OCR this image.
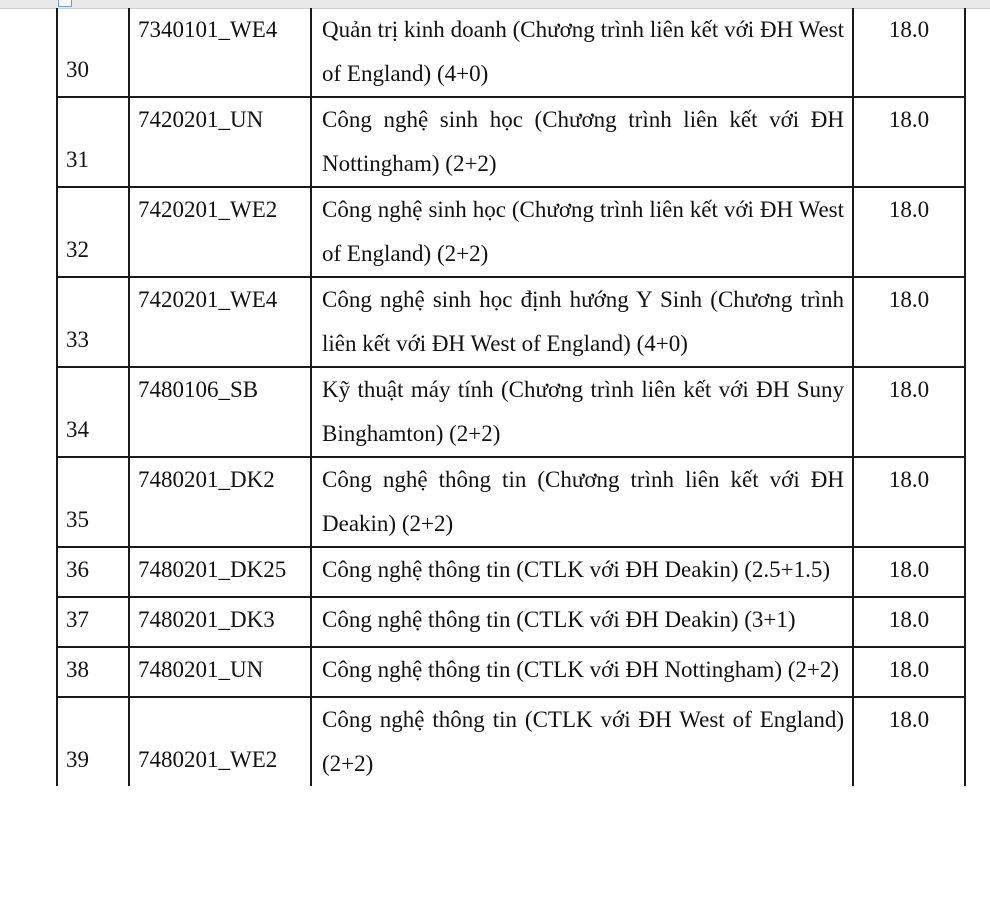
30	7340101_WE4	Quản trị kinh doanh (Chương trình liên kết với ĐH West of England) (4+0)	18.0
31	7420201_UN	Công nghệ sinh học (Chương trình liên kết với ĐH Nottingham) (2+2)	18.0
32	7420201_WE2	Công nghệ sinh học (Chương trình liên kết với ĐH West of England) (2+2)	18.0
33	7420201_WE4	Công nghệ sinh học định hướng Y Sinh (Chương trình liên kết với ĐH West of England) (4+0)	18.0
34	7480106_SB	Kỹ thuật máy tính (Chương trình liên kết với ĐH Suny Binghamton) (2+2)	18.0
35	7480201_DK2	Công nghệ thông tin (Chương trình liên kết với ĐH Deakin) (2+2)	18.0
36	7480201_DK25	Công nghệ thông tin (CTLK với ĐH Deakin) (2.5+1.5)	18.0
37	7480201_DK3	Công nghệ thông tin (CTLK với ĐH Deakin) (3+1)	18.0
38	7480201_UN	Công nghệ thông tin (CTLK với ĐH Nottingham) (2+2)	18.0
39	7480201_WE2	Công nghệ thông tin (CTLK với ĐH West of England) (2+2)	18.0
